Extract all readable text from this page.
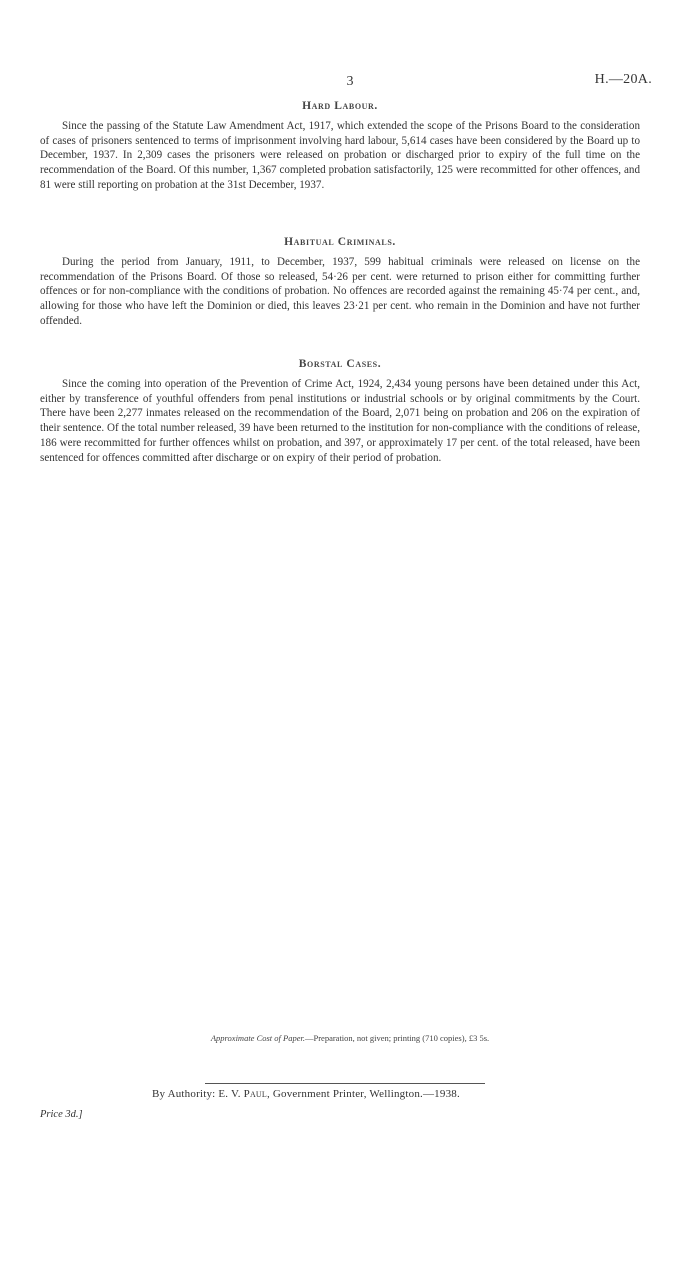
3	H.—20A.
Hard Labour.

Since the passing of the Statute Law Amendment Act, 1917, which extended the scope of the Prisons Board to the consideration of cases of prisoners sentenced to terms of imprisonment involving hard labour, 5,614 cases have been considered by the Board up to December, 1937. In 2,309 cases the prisoners were released on probation or discharged prior to expiry of the full time on the recommendation of the Board. Of this number, 1,367 completed probation satisfactorily, 125 were recommitted for other offences, and 81 were still reporting on probation at the 31st December, 1937.

Habitual Criminals.

During the period from January, 1911, to December, 1937, 599 habitual criminals were released on license on the recommendation of the Prisons Board. Of those so released, 54·26 per cent. were returned to prison either for committing further offences or for non-compliance with the conditions of probation. No offences are recorded against the remaining 45·74 per cent., and, allowing for those who have left the Dominion or died, this leaves 23·21 per cent. who remain in the Dominion and have not further offended.

Borstal Cases.

Since the coming into operation of the Prevention of Crime Act, 1924, 2,434 young persons have been detained under this Act, either by transference of youthful offenders from penal institutions or industrial schools or by original commitments by the Court. There have been 2,277 inmates released on the recommendation of the Board, 2,071 being on probation and 206 on the expiration of their sentence. Of the total number released, 39 have been returned to the institution for non-compliance with the conditions of release, 186 were recommitted for further offences whilst on probation, and 397, or approximately 17 per cent. of the total released, have been sentenced for offences committed after discharge or on expiry of their period of probation.

Approximate Cost of Paper.—Preparation, not given; printing (710 copies), £3 5s.
By Authority: E. V. Paul, Government Printer, Wellington.—1938.
Price 3d.]
